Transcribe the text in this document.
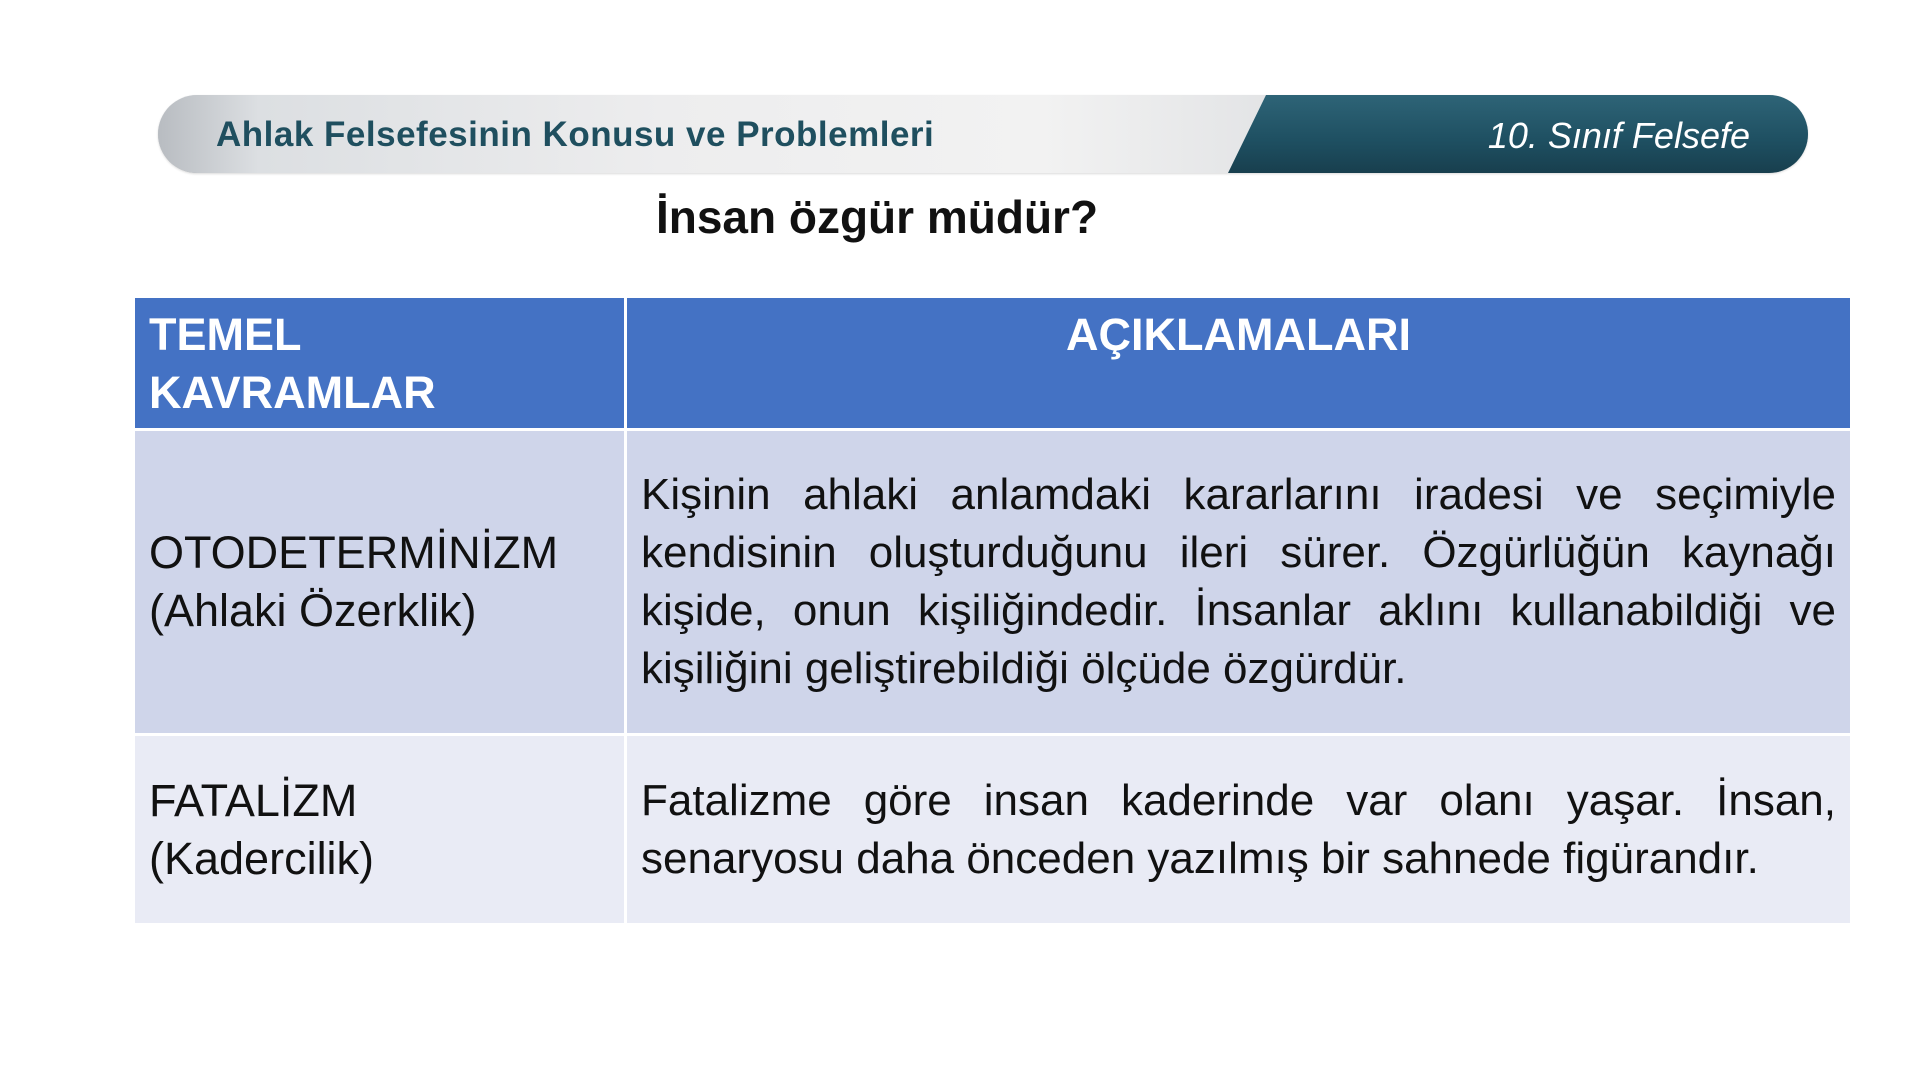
Ahlak Felsefesinin Konusu ve Problemleri	10. Sınıf Felsefe
İnsan özgür müdür?
TEMEL
KAVRAMLAR	AÇIKLAMALARI

OTODETERMİNİZM
(Ahlaki Özerklik)	Kişinin ahlaki anlamdaki kararlarını iradesi ve seçimiyle kendisinin oluşturduğunu ileri sürer. Özgürlüğün kaynağı kişide, onun kişiliğindedir. İnsanlar aklını kullanabildiği ve kişiliğini geliştirebildiği ölçüde özgürdür.

FATALİZM
(Kadercilik)	Fatalizme göre insan kaderinde var olanı yaşar. İnsan, senaryosu daha önceden yazılmış bir sahnede figürandır.
